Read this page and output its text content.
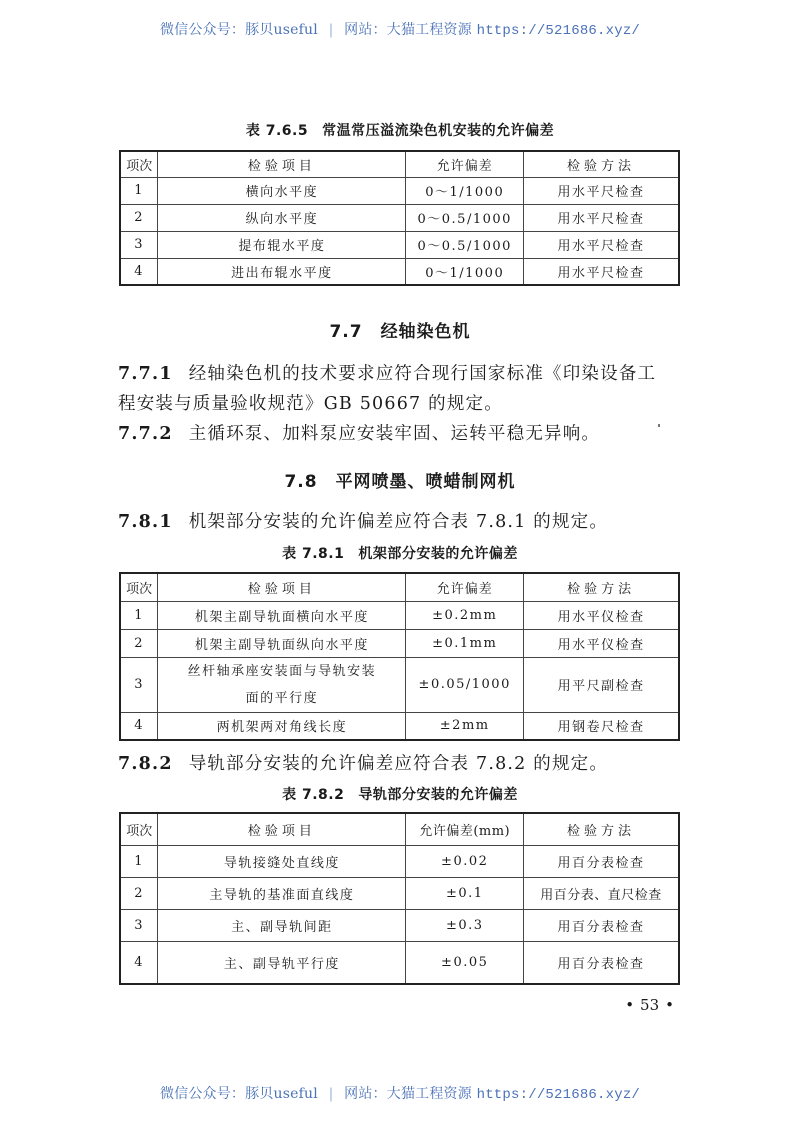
微信公众号：豚贝useful | 网站：大猫工程资源 https://521686.xyz/
表 7.6.5 常温常压溢流染色机安装的允许偏差
项次	检验项目	允许偏差	检验方法
1	横向水平度	0～1/1000	用水平尺检查
2	纵向水平度	0～0.5/1000	用水平尺检查
3	提布辊水平度	0～0.5/1000	用水平尺检查
4	进出布辊水平度	0～1/1000	用水平尺检查
7.7 经轴染色机
7.7.1 经轴染色机的技术要求应符合现行国家标准《印染设备工
程安装与质量验收规范》GB 50667 的规定。
7.7.2 主循环泵、加料泵应安装牢固、运转平稳无异响。
7.8 平网喷墨、喷蜡制网机
7.8.1 机架部分安装的允许偏差应符合表 7.8.1 的规定。
表 7.8.1 机架部分安装的允许偏差
项次	检验项目	允许偏差	检验方法
1	机架主副导轨面横向水平度	±0.2mm	用水平仪检查
2	机架主副导轨面纵向水平度	±0.1mm	用水平仪检查
3	丝杆轴承座安装面与导轨安装
面的平行度	±0.05/1000	用平尺副检查
4	两机架两对角线长度	±2mm	用钢卷尺检查
7.8.2 导轨部分安装的允许偏差应符合表 7.8.2 的规定。
表 7.8.2 导轨部分安装的允许偏差
项次	检验项目	允许偏差(mm)	检验方法
1	导轨接缝处直线度	±0.02	用百分表检查
2	主导轨的基准面直线度	±0.1	用百分表、直尺检查
3	主、副导轨间距	±0.3	用百分表检查
4	主、副导轨平行度	±0.05	用百分表检查
• 53 •
微信公众号：豚贝useful | 网站：大猫工程资源 https://521686.xyz/
